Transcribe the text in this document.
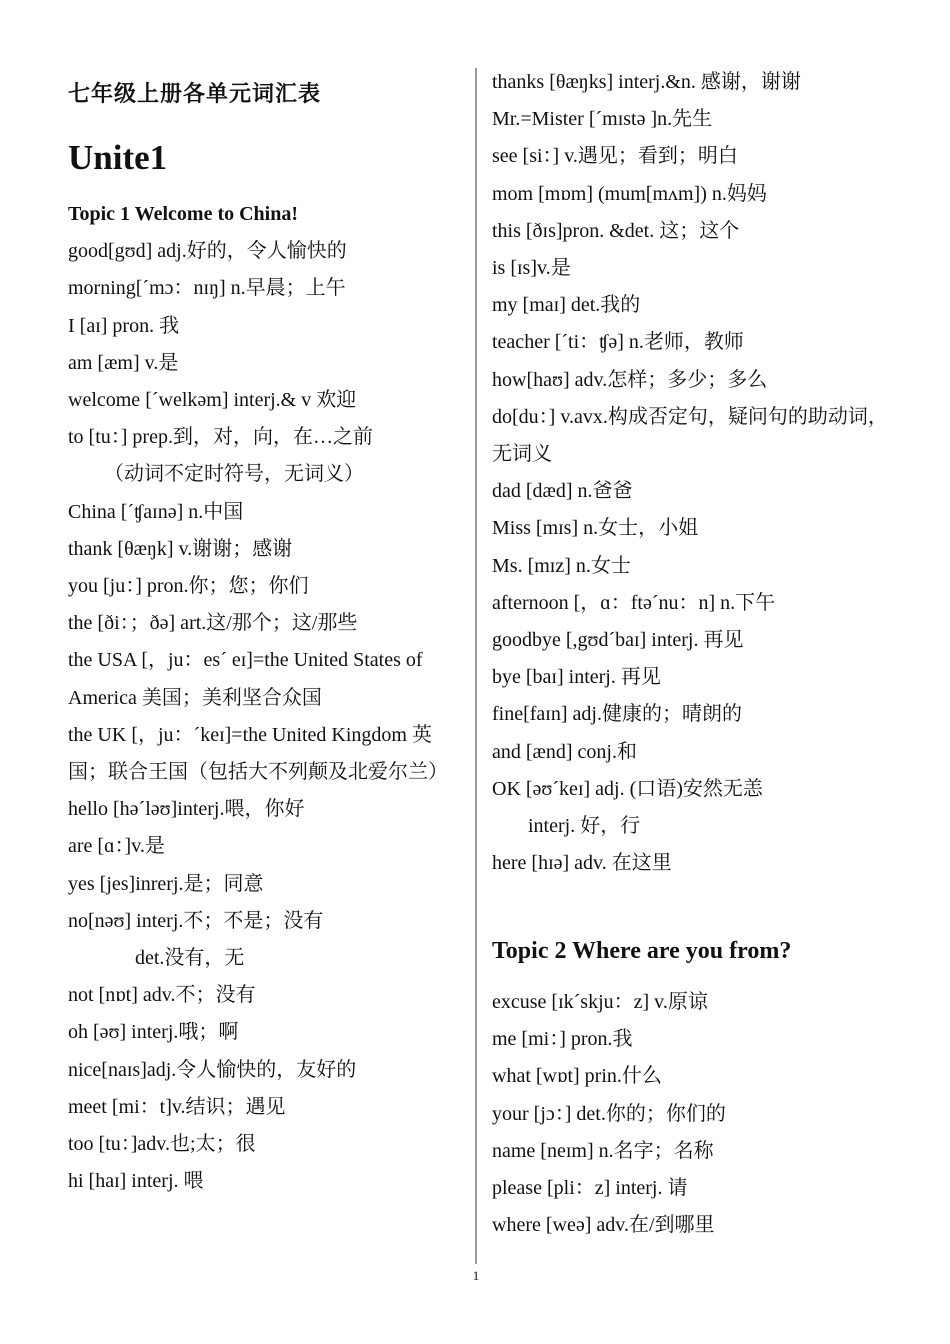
七年级上册各单元词汇表
Unite1
Topic 1 Welcome to China!
good[gʊd] adj.好的，令人愉快的
morning[ˊmɔ：nɪŋ] n.早晨；上午
I [aɪ] pron. 我
am [æm] v.是
welcome [ˊwelkəm] interj.& v 欢迎
to [tu：] prep.到，对，向，在…之前
（动词不定时符号，无词义）
China [ˊʧaɪnə] n.中国
thank [θæŋk] v.谢谢；感谢
you [ju：] pron.你；您；你们
the [ði：；ðə] art.这/那个；这/那些
the USA [，ju：esˊ eɪ]=the United States of America 美国；美利坚合众国
the UK [，ju：ˊkeɪ]=the United Kingdom 英国；联合王国（包括大不列颠及北爱尔兰）
hello [həˊləʊ]interj.喂，你好
are [ɑ：]v.是
yes [jes]inrerj.是；同意
no[nəʊ] interj.不；不是；没有
det.没有，无
not [nɒt] adv.不；没有
oh [əʊ] interj.哦；啊
nice[naɪs]adj.令人愉快的，友好的
meet [mi：t]v.结识；遇见
too [tu：]adv.也;太；很
hi [haɪ] interj. 喂
thanks [θæŋks] interj.&n. 感谢，谢谢
Mr.=Mister [ˊmɪstə ]n.先生
see [si：] v.遇见；看到；明白
mom [mɒm] (mum[mʌm]) n.妈妈
this [ðɪs]pron. &det. 这；这个
is [ɪs]v.是
my [maɪ] det.我的
teacher [ˊti：ʧə] n.老师，教师
how[haʊ] adv.怎样；多少；多么
do[du：] v.avx.构成否定句，疑问句的助动词，无词义
dad [dæd] n.爸爸
Miss [mɪs] n.女士，小姐
Ms. [mɪz] n.女士
afternoon [，ɑ：ftəˊnu：n] n.下午
goodbye [,gʊdˊbaɪ] interj. 再见
bye [baɪ] interj. 再见
fine[faɪn] adj.健康的；晴朗的
and [ænd] conj.和
OK [əʊˊkeɪ] adj. (口语)安然无恙
interj. 好，行
here [hɪə] adv. 在这里
Topic 2 Where are you from?
excuse [ɪkˊskju：z] v.原谅
me [mi：] pron.我
what [wɒt] prin.什么
your [jɔ：] det.你的；你们的
name [neɪm] n.名字；名称
please [pli：z] interj. 请
where [weə] adv.在/到哪里
1
